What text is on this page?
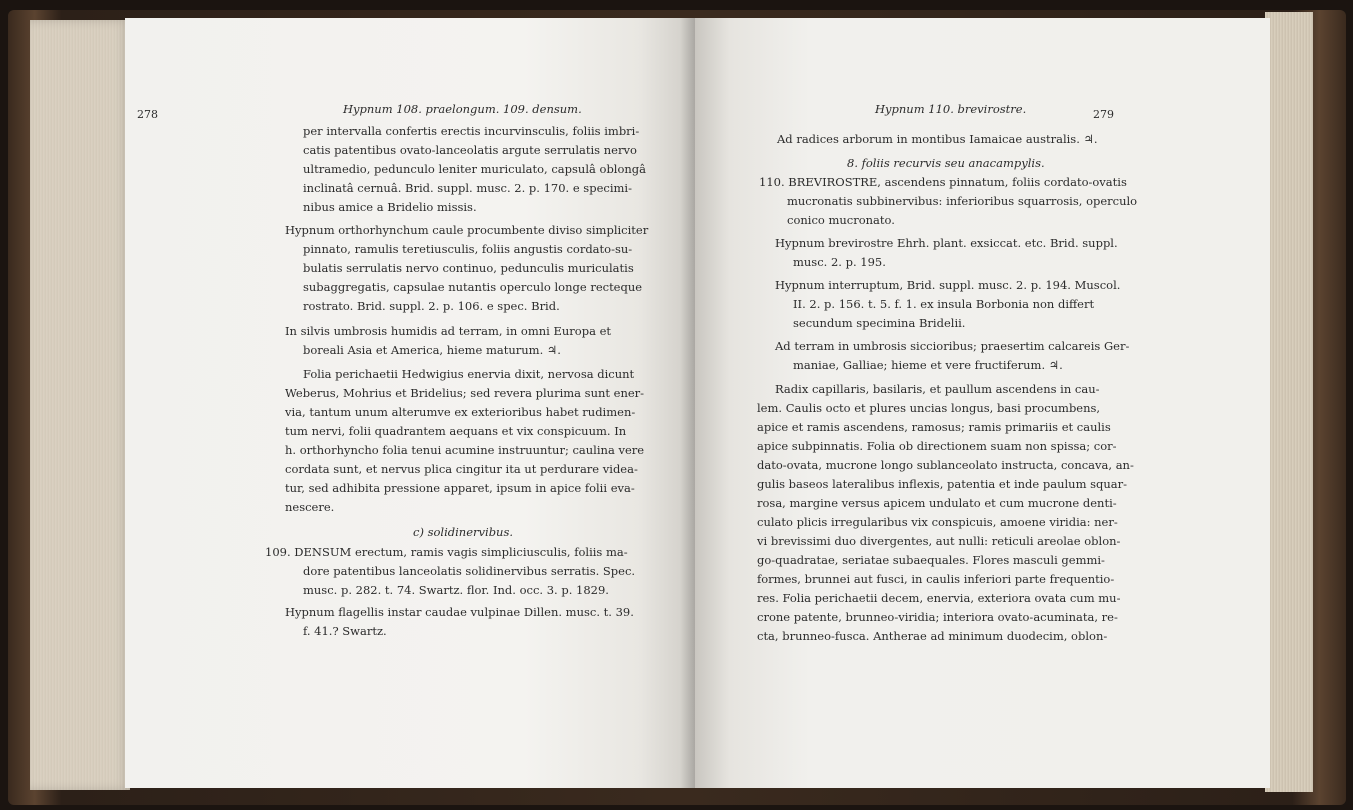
278	Hypnum 108. praelongum. 109. densum.
per intervalla confertis erectis incurvinsculis, foliis imbri-
catis patentibus ovato-lanceolatis argute serrulatis nervo
ultramedio, pedunculo leniter muriculato, capsulâ oblongâ
inclinatâ cernuâ. Brid. suppl. musc. 2. p. 170. e specimi-
nibus amice a Bridelio missis.
Hypnum orthorhynchum caule procumbente diviso simpliciter
pinnato, ramulis teretiusculis, foliis angustis cordato-su-
bulatis serrulatis nervo continuo, pedunculis muriculatis
subaggregatis, capsulae nutantis operculo longe recteque
rostrato. Brid. suppl. 2. p. 106. e spec. Brid.
In silvis umbrosis humidis ad terram, in omni Europa et
boreali Asia et America, hieme maturum. ♃.
Folia perichaetii Hedwigius enervia dixit, nervosa dicunt
Weberus, Mohrius et Bridelius; sed revera plurima sunt ener-
via, tantum unum alterumve ex exterioribus habet rudimen-
tum nervi, folii quadrantem aequans et vix conspicuum. In
h. orthorhyncho folia tenui acumine instruuntur; caulina vere
cordata sunt, et nervus plica cingitur ita ut perdurare videa-
tur, sed adhibita pressione apparet, ipsum in apice folii eva-
nescere.
c) solidinervibus.
109. DENSUM erectum, ramis vagis simpliciusculis, foliis ma-
dore patentibus lanceolatis solidinervibus serratis. Spec.
musc. p. 282. t. 74. Swartz. flor. Ind. occ. 3. p. 1829.
Hypnum flagellis instar caudae vulpinae Dillen. musc. t. 39.
f. 41.? Swartz.
Hypnum 110. brevirostre.	279
Ad radices arborum in montibus Iamaicae australis. ♃.
8. foliis recurvis seu anacampylis.
110. BREVIROSTRE, ascendens pinnatum, foliis cordato-ovatis
mucronatis subbinervibus: inferioribus squarrosis, operculo
conico mucronato.
Hypnum brevirostre Ehrh. plant. exsiccat. etc. Brid. suppl.
musc. 2. p. 195.
Hypnum interruptum, Brid. suppl. musc. 2. p. 194. Muscol.
II. 2. p. 156. t. 5. f. 1. ex insula Borbonia non differt
secundum specimina Bridelii.
Ad terram in umbrosis siccioribus; praesertim calcareis Ger-
maniae, Galliae; hieme et vere fructiferum. ♃.
Radix capillaris, basilaris, et paullum ascendens in cau-
lem. Caulis octo et plures uncias longus, basi procumbens,
apice et ramis ascendens, ramosus; ramis primariis et caulis
apice subpinnatis. Folia ob directionem suam non spissa; cor-
dato-ovata, mucrone longo sublanceolato instructa, concava, an-
gulis baseos lateralibus inflexis, patentia et inde paulum squar-
rosa, margine versus apicem undulato et cum mucrone denti-
culato plicis irregularibus vix conspicuis, amoene viridia: ner-
vi brevissimi duo divergentes, aut nulli: reticuli areolae oblon-
go-quadratae, seriatae subaequales. Flores masculi gemmi-
formes, brunnei aut fusci, in caulis inferiori parte frequentio-
res. Folia perichaetii decem, enervia, exteriora ovata cum mu-
crone patente, brunneo-viridia; interiora ovato-acuminata, re-
cta, brunneo-fusca. Antherae ad minimum duodecim, oblon-
